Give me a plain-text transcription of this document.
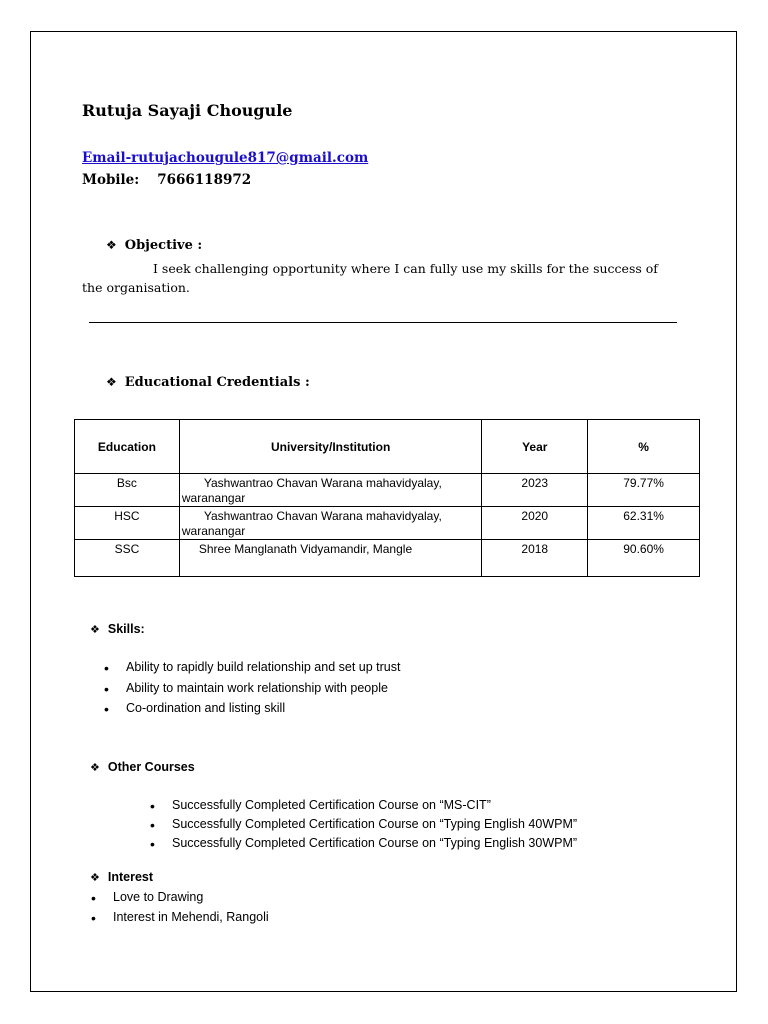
Rutuja Sayaji Chougule
Email-rutujachougule817@gmail.com
Mobile: 7666118972
❖ Objective :
I seek challenging opportunity where I can fully use my skills for the success of the organisation.
❖ Educational Credentials :
Education	University/Institution	Year	%
Bsc	Yashwantrao Chavan Warana mahavidyalay,
waranangar	2023	79.77%
HSC	Yashwantrao Chavan Warana mahavidyalay,
waranangar	2020	62.31%
SSC	Shree Manglanath Vidyamandir, Mangle	2018	90.60%
❖ Skills:
• Ability to rapidly build relationship and set up trust
• Ability to maintain work relationship with people
• Co-ordination and listing skill
❖ Other Courses
• Successfully Completed Certification Course on “MS-CIT”
• Successfully Completed Certification Course on “Typing English 40WPM”
• Successfully Completed Certification Course on “Typing English 30WPM”
❖ Interest
• Love to Drawing
• Interest in Mehendi, Rangoli
